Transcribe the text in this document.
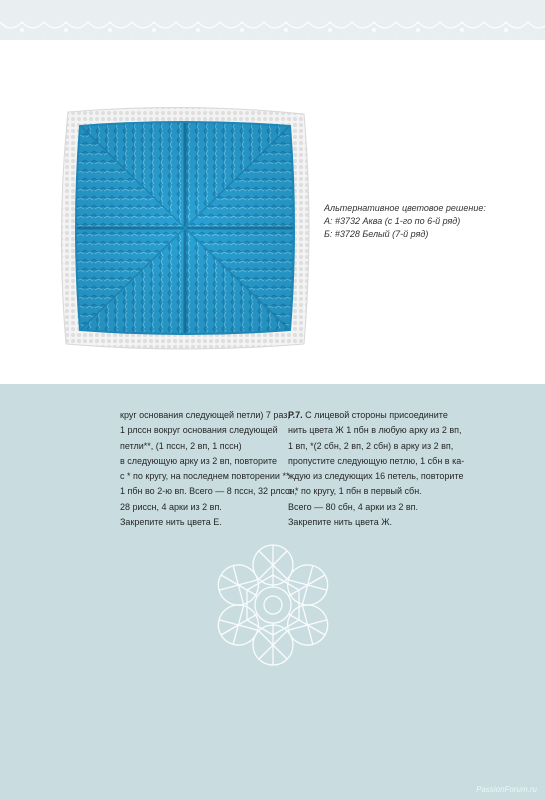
Альтернативное цветовое решение:
А: #3732 Аква (с 1-го по 6-й ряд)
Б: #3728 Белый (7-й ряд)
круг основания следующей петли) 7 раз,
1 рлссн вокруг основания следующей
петли**, (1 пссн, 2 вп, 1 пссн)
в следующую арку из 2 вп, повторите
с * по кругу, на последнем повторении **
1 пбн во 2-ю вп. Всего — 8 пссн, 32 рлссн,
28 риссн, 4 арки из 2 вп.
Закрепите нить цвета Е.
Р.7. С лицевой стороны присоедините
нить цвета Ж 1 пбн в любую арку из 2 вп,
1 вп, *(2 сбн, 2 вп, 2 сбн) в арку из 2 вп,
пропустите следующую петлю, 1 сбн в ка-
ждую из следующих 16 петель, повторите
с * по кругу, 1 пбн в первый сбн.
Всего — 80 сбн, 4 арки из 2 вп.
Закрепите нить цвета Ж.
PassionForum.ru
